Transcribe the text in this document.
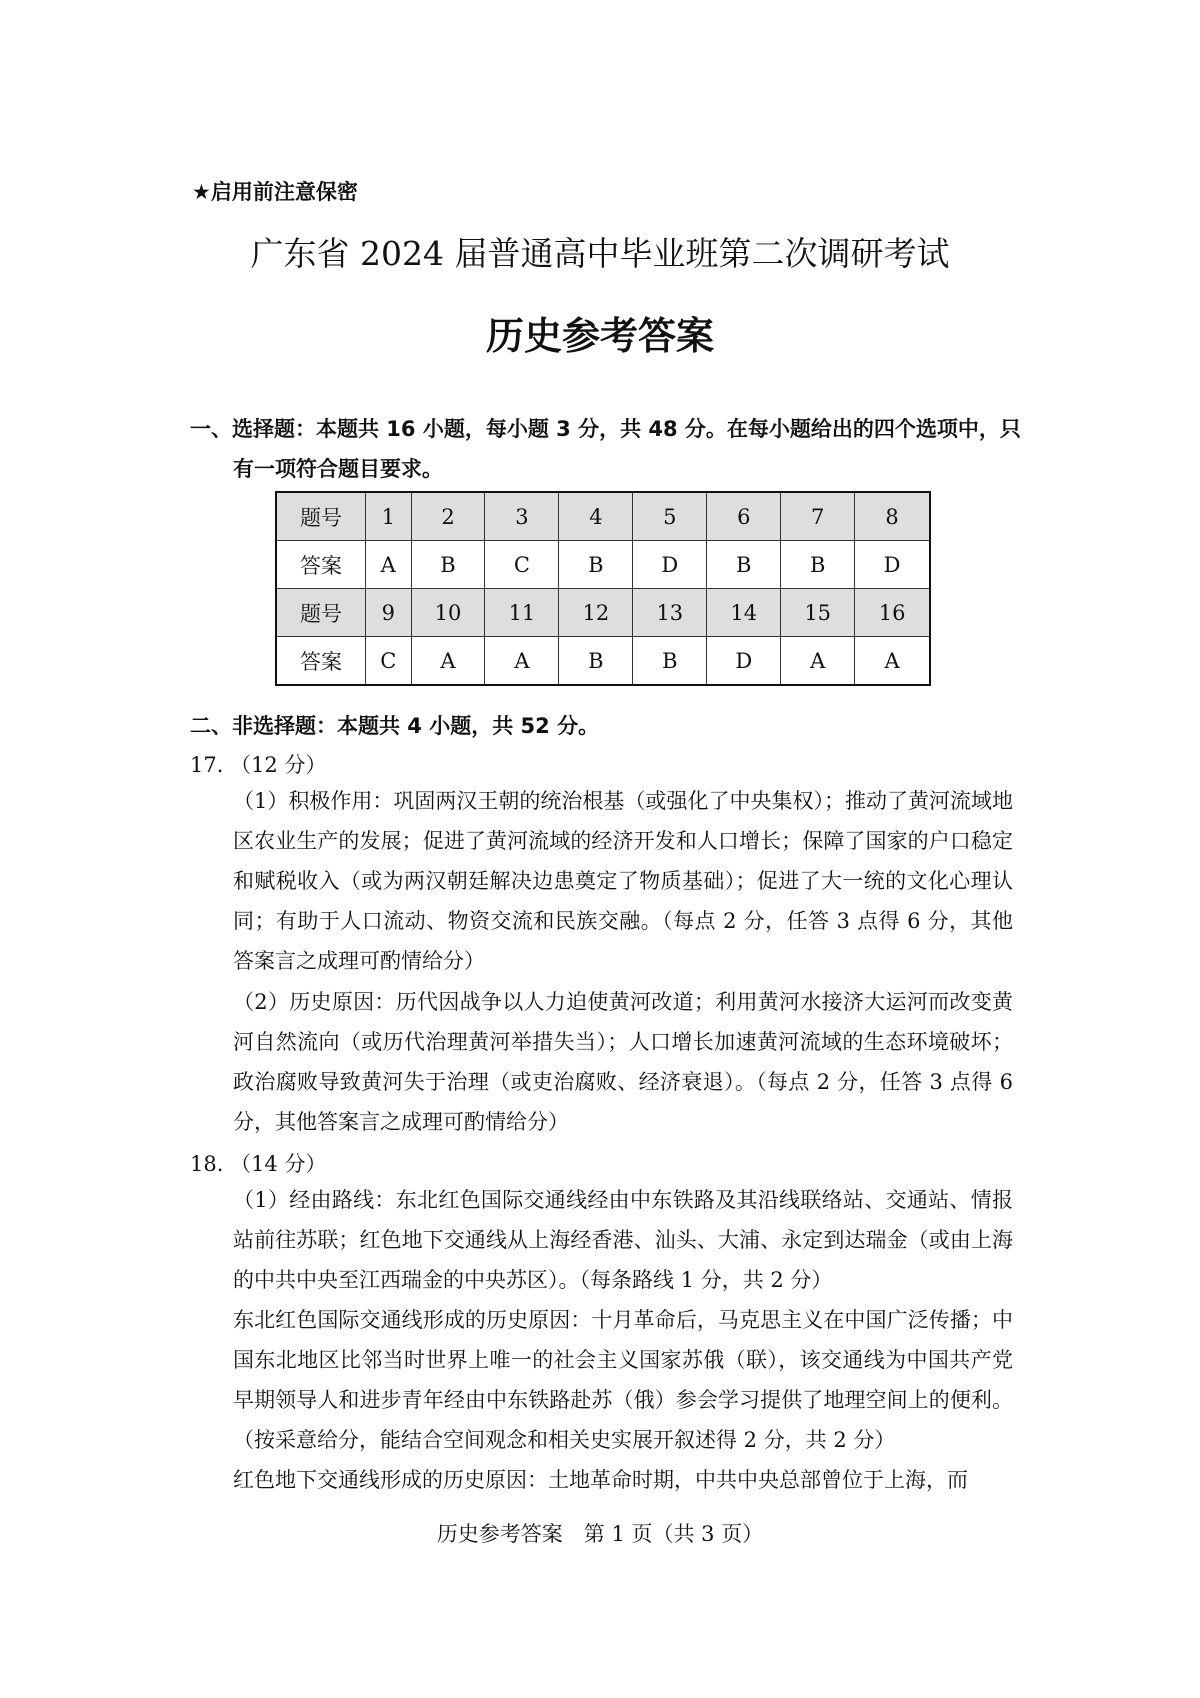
★启用前注意保密
广东省 2024 届普通高中毕业班第二次调研考试
历史参考答案
一、选择题：本题共 16 小题，每小题 3 分，共 48 分。在每小题给出的四个选项中，只
有一项符合题目要求。
题号	1	2	3	4	5	6	7	8
答案	A	B	C	B	D	B	B	D
题号	9	10	11	12	13	14	15	16
答案	C	A	A	B	B	D	A	A
二、非选择题：本题共 4 小题，共 52 分。
17. （12 分）
（1）积极作用：巩固两汉王朝的统治根基（或强化了中央集权）；推动了黄河流域地区农业生产的发展；促进了黄河流域的经济开发和人口增长；保障了国家的户口稳定和赋税收入（或为两汉朝廷解决边患奠定了物质基础）；促进了大一统的文化心理认同；有助于人口流动、物资交流和民族交融。（每点 2 分，任答 3 点得 6 分，其他答案言之成理可酌情给分）
（2）历史原因：历代因战争以人力迫使黄河改道；利用黄河水接济大运河而改变黄河自然流向（或历代治理黄河举措失当）；人口增长加速黄河流域的生态环境破坏；政治腐败导致黄河失于治理（或吏治腐败、经济衰退）。（每点 2 分，任答 3 点得 6 分，其他答案言之成理可酌情给分）
18. （14 分）
（1）经由路线：东北红色国际交通线经由中东铁路及其沿线联络站、交通站、情报站前往苏联；红色地下交通线从上海经香港、汕头、大浦、永定到达瑞金（或由上海的中共中央至江西瑞金的中央苏区）。（每条路线 1 分，共 2 分）
东北红色国际交通线形成的历史原因：十月革命后，马克思主义在中国广泛传播；中国东北地区比邻当时世界上唯一的社会主义国家苏俄（联），该交通线为中国共产党早期领导人和进步青年经由中东铁路赴苏（俄）参会学习提供了地理空间上的便利。（按采意给分，能结合空间观念和相关史实展开叙述得 2 分，共 2 分）
红色地下交通线形成的历史原因：土地革命时期，中共中央总部曾位于上海，而
历史参考答案　第 1 页（共 3 页）
